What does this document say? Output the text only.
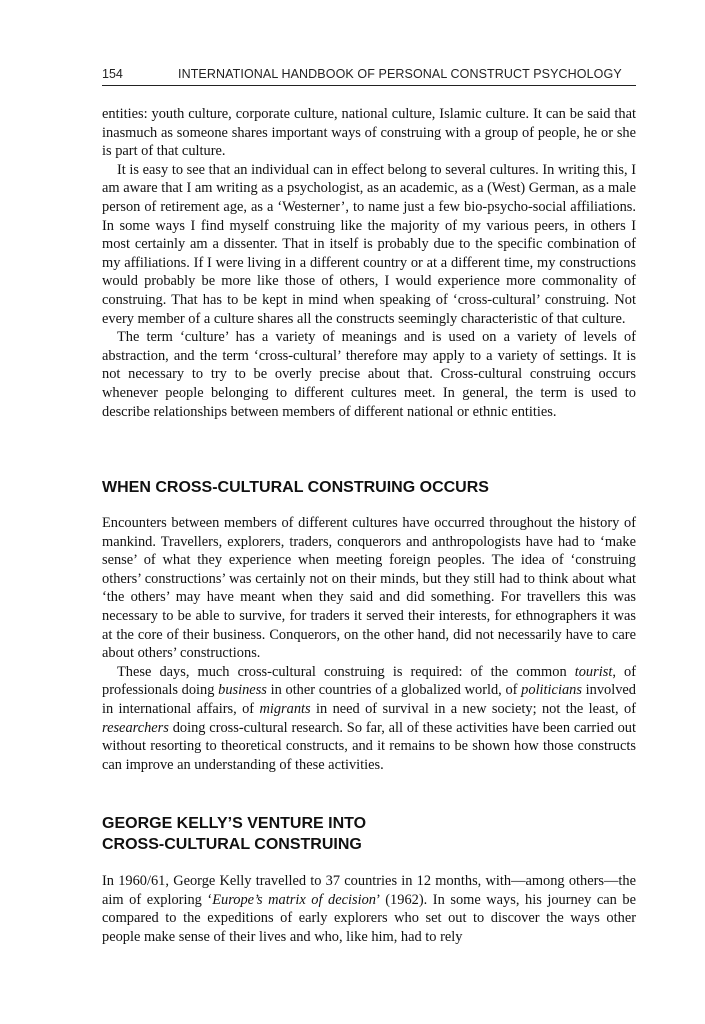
154	INTERNATIONAL HANDBOOK OF PERSONAL CONSTRUCT PSYCHOLOGY

entities: youth culture, corporate culture, national culture, Islamic culture. It can be said that inasmuch as someone shares important ways of construing with a group of people, he or she is part of that culture.

It is easy to see that an individual can in effect belong to several cultures. In writing this, I am aware that I am writing as a psychologist, as an academic, as a (West) German, as a male person of retirement age, as a ‘Westerner’, to name just a few bio-psycho-social affiliations. In some ways I find myself construing like the majority of my various peers, in others I most certainly am a dissenter. That in itself is probably due to the specific combination of my affiliations. If I were living in a different country or at a different time, my constructions would probably be more like those of others, I would experience more commonality of construing. That has to be kept in mind when speaking of ‘cross-cultural’ construing. Not every member of a culture shares all the constructs seemingly characteristic of that culture.

The term ‘culture’ has a variety of meanings and is used on a variety of levels of abstraction, and the term ‘cross-cultural’ therefore may apply to a variety of settings. It is not necessary to try to be overly precise about that. Cross-cultural construing occurs whenever people belonging to different cultures meet. In general, the term is used to describe relationships between members of different national or ethnic entities.

WHEN CROSS-CULTURAL CONSTRUING OCCURS

Encounters between members of different cultures have occurred throughout the history of mankind. Travellers, explorers, traders, conquerors and anthropologists have had to ‘make sense’ of what they experience when meeting foreign peoples. The idea of ‘construing others’ constructions’ was certainly not on their minds, but they still had to think about what ‘the others’ may have meant when they said and did something. For travellers this was necessary to be able to survive, for traders it served their interests, for ethnographers it was at the core of their business. Conquerors, on the other hand, did not necessarily have to care about others’ constructions.

These days, much cross-cultural construing is required: of the common tourist, of professionals doing business in other countries of a globalized world, of politicians involved in international affairs, of migrants in need of survival in a new society; not the least, of researchers doing cross-cultural research. So far, all of these activities have been carried out without resorting to theoretical constructs, and it remains to be shown how those constructs can improve an understanding of these activities.

GEORGE KELLY’S VENTURE INTO
CROSS-CULTURAL CONSTRUING

In 1960/61, George Kelly travelled to 37 countries in 12 months, with—among others—the aim of exploring ‘Europe’s matrix of decision’ (1962). In some ways, his journey can be compared to the expeditions of early explorers who set out to discover the ways other people make sense of their lives and who, like him, had to rely
